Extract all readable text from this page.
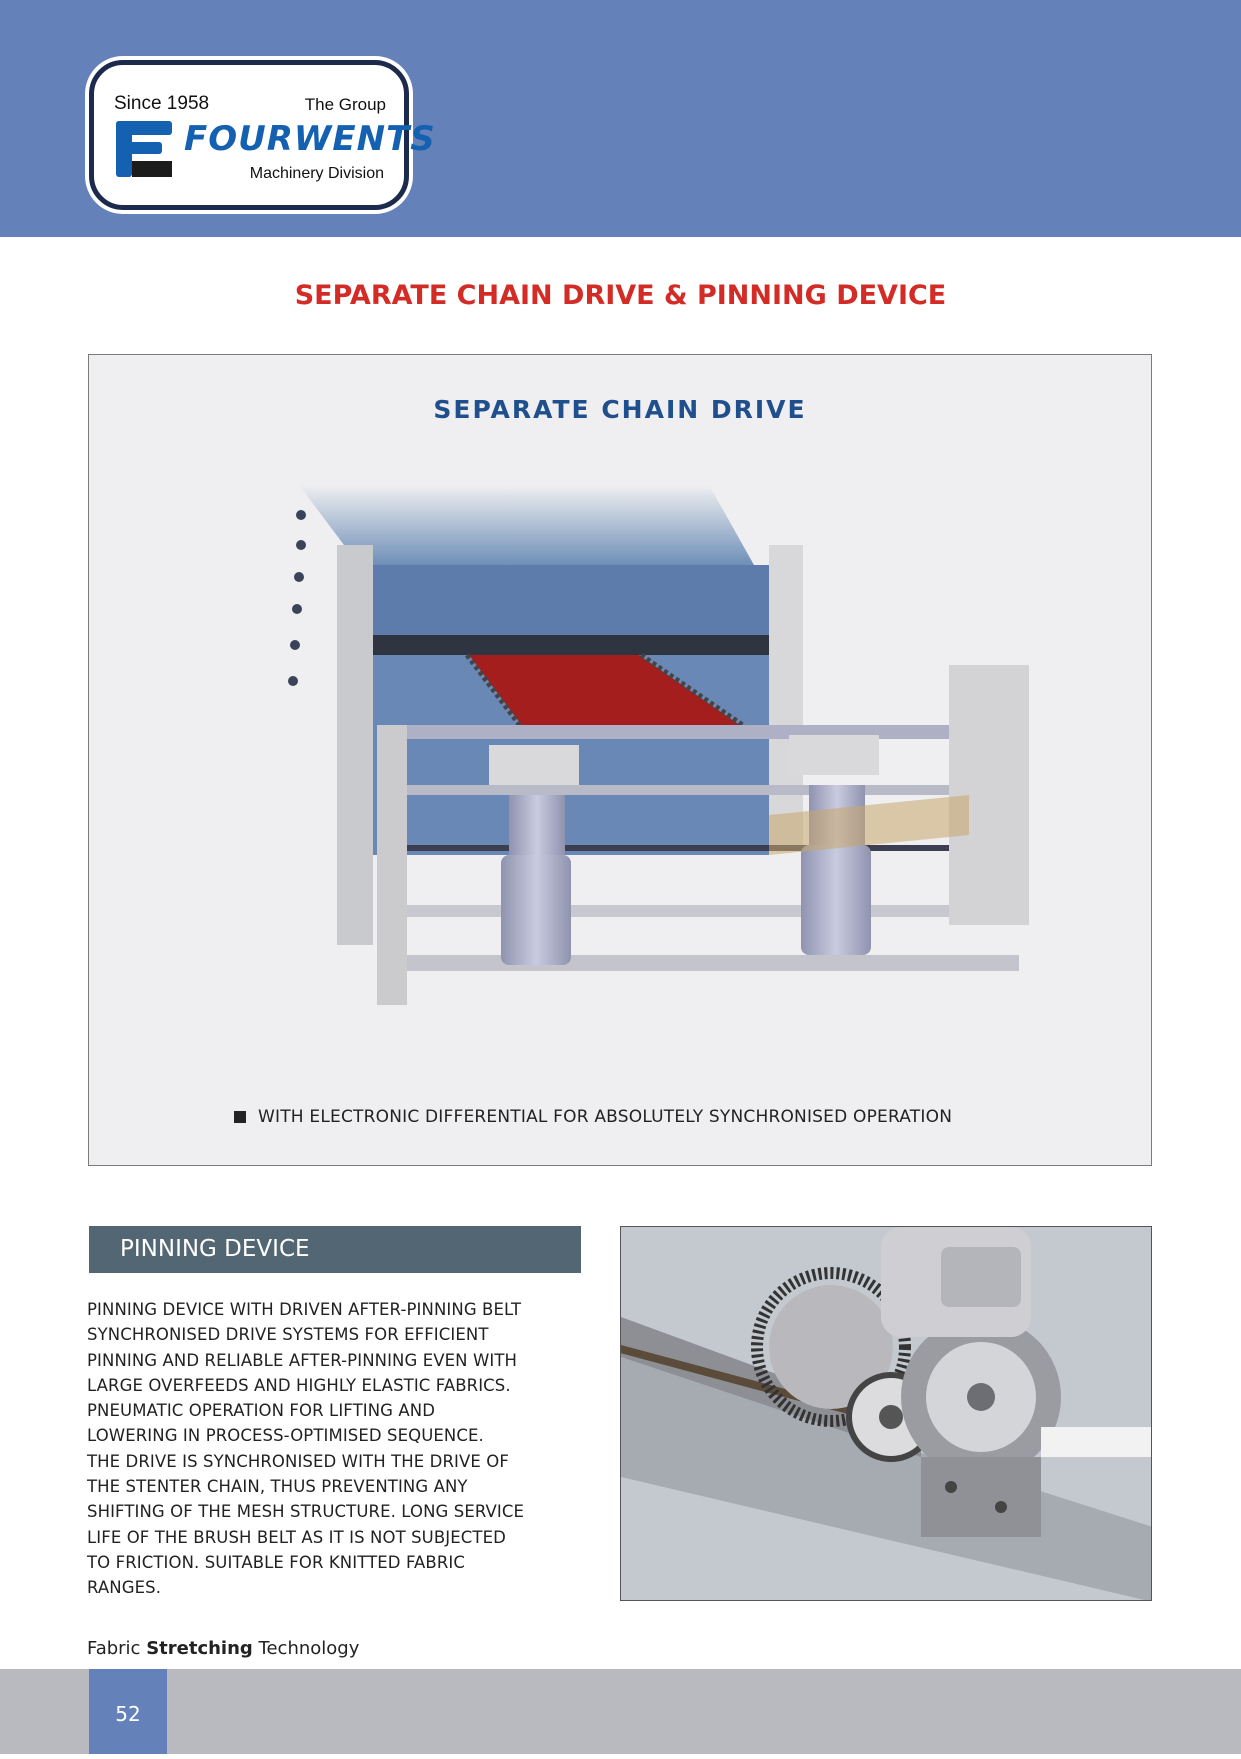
Since 1958	The Group
FOURWENTS
Machinery Division
SEPARATE CHAIN DRIVE & PINNING DEVICE
SEPARATE CHAIN DRIVE
WITH ELECTRONIC DIFFERENTIAL FOR ABSOLUTELY SYNCHRONISED OPERATION
PINNING DEVICE
PINNING DEVICE WITH DRIVEN AFTER-PINNING BELT
SYNCHRONISED DRIVE SYSTEMS FOR EFFICIENT
PINNING AND RELIABLE AFTER-PINNING EVEN WITH
LARGE OVERFEEDS AND HIGHLY ELASTIC FABRICS.
PNEUMATIC OPERATION FOR LIFTING AND
LOWERING IN PROCESS-OPTIMISED SEQUENCE.
THE DRIVE IS SYNCHRONISED WITH THE DRIVE OF
THE STENTER CHAIN, THUS PREVENTING ANY
SHIFTING OF THE MESH STRUCTURE. LONG SERVICE
LIFE OF THE BRUSH BELT AS IT IS NOT SUBJECTED
TO FRICTION. SUITABLE FOR KNITTED FABRIC
RANGES.
Fabric Stretching Technology
52
